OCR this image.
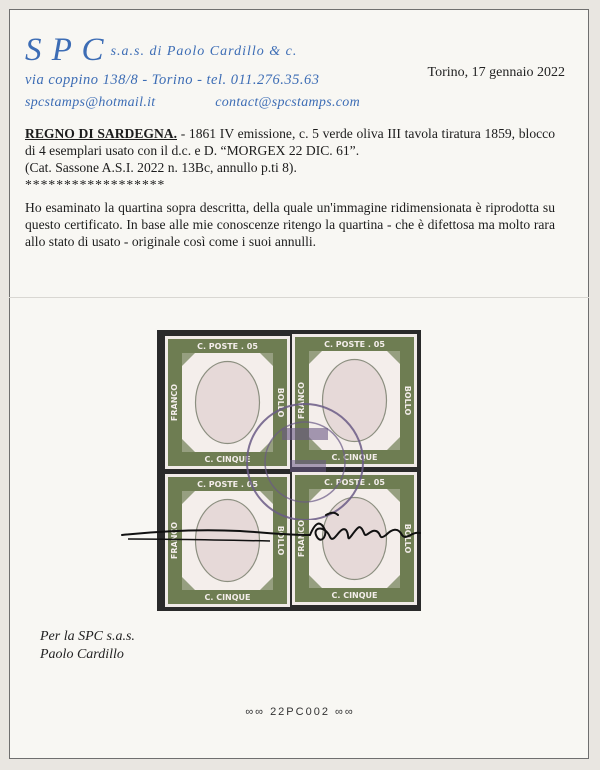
S P C s.a.s. di Paolo Cardillo & c.
via coppino 138/8 - Torino - tel. 011.276.35.63
spcstamps@hotmail.it	contact@spcstamps.com
Torino, 17 gennaio 2022

REGNO DI SARDEGNA. - 1861 IV emissione, c. 5 verde oliva III tavola tiratura 1859, blocco di 4 esemplari usato con il d.c. e D. “MORGEX 22 DIC. 61”.

(Cat. Sassone A.S.I. 2022 n. 13Bc, annullo p.ti 8).

******************

Ho esaminato la quartina sopra descritta, della quale un'immagine ridimensionata è riprodotta su questo certificato. In base alle mie conoscenze ritengo la quartina - che è difettosa ma molto rara allo stato di usato - originale così come i suoi annulli.

C. POSTE . 05
C. CINQUE
FRANCO	BOLLO
C. POSTE . 05
C. CINQUE
FRANCO	BOLLO
C. POSTE . 05
C. CINQUE
FRANCO	BOLLO
C. POSTE . 05
C. CINQUE
FRANCO	BOLLO
Per la SPC s.a.s.
Paolo Cardillo
∞∞ 22PC002 ∞∞
